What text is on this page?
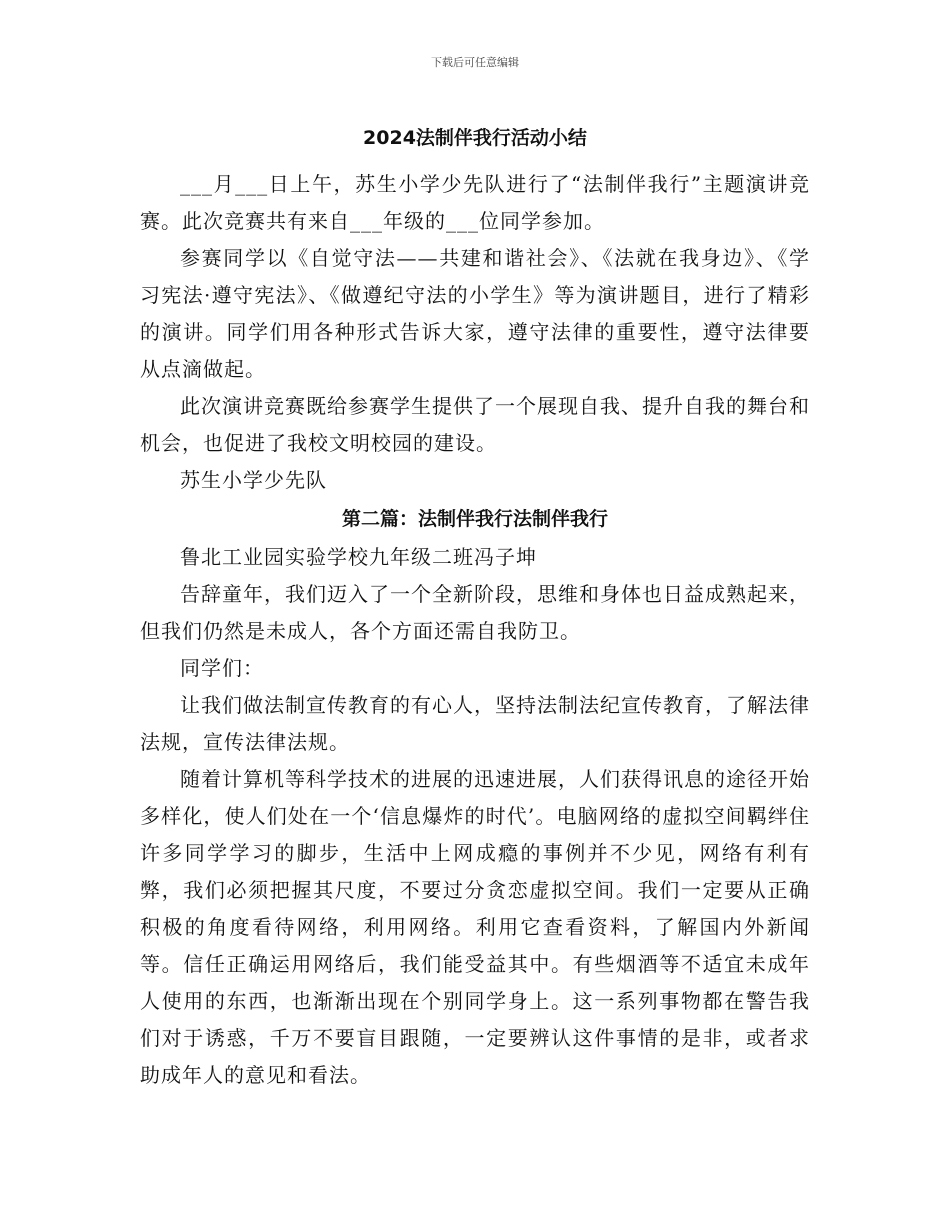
下载后可任意编辑
2024法制伴我行活动小结

___月___日上午，苏生小学少先队进行了“法制伴我行”主题演讲竞赛。此次竞赛共有来自___年级的___位同学参加。

参赛同学以《自觉守法——共建和谐社会》、《法就在我身边》、《学习宪法·遵守宪法》、《做遵纪守法的小学生》等为演讲题目，进行了精彩的演讲。同学们用各种形式告诉大家，遵守法律的重要性，遵守法律要从点滴做起。

此次演讲竞赛既给参赛学生提供了一个展现自我、提升自我的舞台和机会，也促进了我校文明校园的建设。

苏生小学少先队

第二篇：法制伴我行法制伴我行

鲁北工业园实验学校九年级二班冯子坤

告辞童年，我们迈入了一个全新阶段，思维和身体也日益成熟起来，但我们仍然是未成人，各个方面还需自我防卫。

同学们：

让我们做法制宣传教育的有心人，坚持法制法纪宣传教育，了解法律法规，宣传法律法规。

随着计算机等科学技术的进展的迅速进展，人们获得讯息的途径开始多样化，使人们处在一个‘信息爆炸的时代’。电脑网络的虚拟空间羁绊住许多同学学习的脚步，生活中上网成瘾的事例并不少见，网络有利有弊，我们必须把握其尺度，不要过分贪恋虚拟空间。我们一定要从正确积极的角度看待网络，利用网络。利用它查看资料，了解国内外新闻等。信任正确运用网络后，我们能受益其中。有些烟酒等不适宜未成年人使用的东西，也渐渐出现在个别同学身上。这一系列事物都在警告我们对于诱惑，千万不要盲目跟随，一定要辨认这件事情的是非，或者求助成年人的意见和看法。
